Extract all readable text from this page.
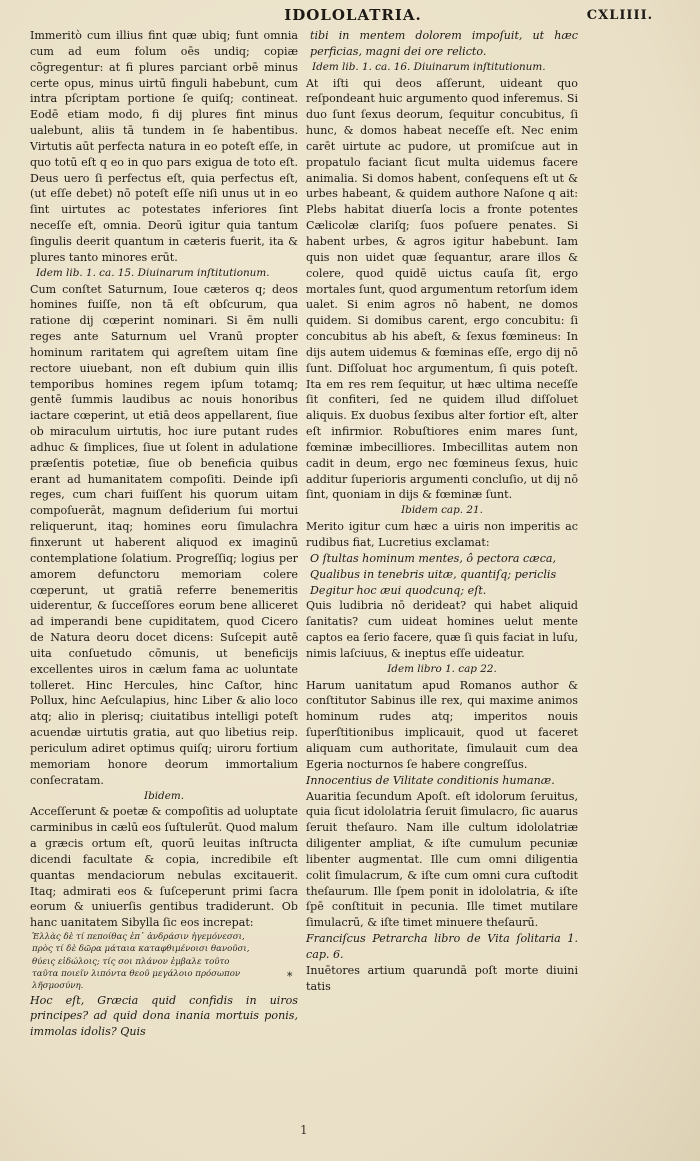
IDOLOLATRIA.	CXLIIII.

Immeritò cum illius fint quæ ubiq; funt omnia cum ad eum folum oēs undiq; copiæ cõgregentur: at fi plures parciant orbē minus certe opus, minus uirtū finguli habebunt, cum intra pſcriptam portione ſe quiſq; contineat. Eodē etiam modo, fi dij plures fint minus ualebunt, aliis tā tundem in ſe habentibus. Virtutis aūt perfecta natura in eo poteſt eſſe, in quo totū eſt q eo in quo pars exigua de toto eſt. Deus uero ſi perfectus eſt, quia perfectus eſt, (ut eſſe debet) nō poteſt eſſe niſi unus ut in eo ſint uirtutes ac potestates inferiores ſint neceſſe eſt, omnia. Deorū igitur quia tantum ſingulis deerit quantum in cæteris fuerit, ita & plures tanto minores erūt.

Idem lib. 1. ca. 15. Diuinarum inſtitutionum.

Cum conſtet Saturnum, Ioue cæteros q; deos homines fuiſſe, non tā eſt obſcurum, qua ratione dij cœperint nominari. Si ēm nulli reges ante Saturnum uel Vranū propter hominum raritatem qui agreſtem uitam ſine rectore uiuebant, non eſt dubium quin illis temporibus homines regem ipſum totamq; gentē ſummis laudibus ac nouis honoribus iactare cœperint, ut etiā deos appellarent, ſiue ob miraculum uirtutis, hoc iure putant rudes adhuc & ſimplices, ſiue ut ſolent in adulatione præſentis potetiæ, ſiue ob beneficia quibus erant ad humanitatem compoſiti. Deinde ipſi reges, cum chari fuiſſent his quorum uitam compoſuerāt, magnum deſiderium ſui mortui reliquerunt, itaq; homines eoru ſimulachra finxerunt ut haberent aliquod ex imaginū contemplatione ſolatium. Progreſſiq; logius per amorem defunctoru memoriam colere cœperunt, ut gratiā referre benemeritis uiderentur, & ſucceſſores eorum bene alliceret ad imperandi bene cupiditatem, quod Cicero de Natura deoru docet dicens: Suſcepit autē uita conſuetudo cōmunis, ut beneficijs excellentes uiros in cælum fama ac uoluntate tolleret. Hinc Hercules, hinc Caſtor, hinc Pollux, hinc Aeſculapius, hinc Liber & alio loco atq; alio in plerisq; ciuitatibus intelligi poteſt acuendæ uirtutis gratia, aut quo libetius reip. periculum adiret optimus quiſq; uiroru fortium memoriam honore deorum immortalium conſecratam.

Ibidem.

Acceſſerunt & poetæ & compoſitis ad uoluptate carminibus in cælū eos ſuſtulerūt. Quod malum a græcis ortum eſt, quorū leuitas inſtructa dicendi facultate & copia, incredibile eſt quantas mendaciorum nebulas excitauerit. Itaq; admirati eos & ſuſceperunt primi ſacra eorum & uniuerſis gentibus tradiderunt. Ob hanc uanitatem Sibylla ſic eos increpat:

Ἑλλὰς δὲ τί πεποίθας ἐπ᾽ ἀνδράσιν ἡγεμόνεσσι,

πρὸς τί δὲ δῶρα μάταια καταφθιμένοισι θανοῦσι,

θύεις εἰδώλοις; τίς σοι πλάνον ἐμβαλε τοῦτο

ταῦτα ποιεῖν λιπόντα θεοῦ μεγάλοιο πρόσωπον

λῆσμοσύνη.

Hoc eſt, Græcia quid confidis in uiros principes? ad quid dona inania mortuis ponis, immolas idolis? Quis

tibi in mentem dolorem impoſuit, ut hæc perficias, magni dei ore relicto.

Idem lib. 1. ca. 16. Diuinarum inſtitutionum.

At iſti qui deos aſſerunt, uideant quo reſpondeant huic argumento quod inferemus. Si duo ſunt ſexus deorum, ſequitur concubitus, ſi hunc, & domos habeat neceſſe eſt. Nec enim carēt uirtute ac pudore, ut promiſcue aut in propatulo faciant ſicut multa uidemus facere animalia. Si domos habent, conſequens eſt ut & urbes habeant, & quidem authore Naſone q ait: Plebs habitat diuerſa locis a fronte potentes Cælicolæ clariſq; ſuos poſuere penates. Si habent urbes, & agros igitur habebunt. Iam quis non uidet quæ ſequantur, arare illos & colere, quod quidē uictus cauſa ſit, ergo mortales ſunt, quod argumentum retorſum idem ualet. Si enim agros nō habent, ne domos quidem. Si domibus carent, ergo concubitu: ſi concubitus ab his abeſt, & ſexus fœmineus: In dijs autem uidemus & fœminas eſſe, ergo dij nō ſunt. Diſſoluat hoc argumentum, ſi quis poteſt. Ita em res rem ſequitur, ut hæc ultima neceſſe ſit confiteri, ſed ne quidem illud diſſoluet aliquis. Ex duobus ſexibus alter fortior eſt, alter eſt infirmior. Robuſtiores enim mares ſunt, fœminæ imbecilliores. Imbecillitas autem non cadit in deum, ergo nec fœmineus ſexus, huic additur ſuperioris argumenti concluſio, ut dij nō ſint, quoniam in dijs & fœminæ ſunt.

Ibidem cap. 21.

Merito igitur cum hæc a uiris non imperitis ac rudibus fiat, Lucretius exclamat:

O ſtultas hominum mentes, ô pectora cæca,

Qualibus in tenebris uitæ, quantiſq; periclis

Degitur hoc æui quodcunq; eſt.

Quis ludibria nō derideat? qui habet aliquid ſanitatis? cum uideat homines uelut mente captos ea ſerio facere, quæ ſi quis faciat in luſu, nimis laſciuus, & ineptus eſſe uideatur.

Idem libro 1. cap 22.

Harum uanitatum apud Romanos author & conſtitutor Sabinus ille rex, qui maxime animos hominum rudes atq; imperitos nouis ſuperſtitionibus implicauit, quod ut faceret aliquam cum authoritate, ſimulauit cum dea Egeria nocturnos ſe habere congreſſus.

Innocentius de Vilitate conditionis humanæ.

Auaritia ſecundum Apoſt. eſt idolorum ſeruitus, quia ſicut idololatria ſeruit ſimulacro, ſic auarus ſeruit theſauro. Nam ille cultum idololatriæ diligenter ampliat, & iſte cumulum pecuniæ libenter augmentat. Ille cum omni diligentia colit ſimulacrum, & iſte cum omni cura cuſtodit theſaurum. Ille ſpem ponit in idololatria, & iſte ſpē conſtituit in pecunia. Ille timet mutilare ſimulacrū, & iſte timet minuere theſaurū.

Franciſcus Petrarcha libro de Vita ſolitaria 1. cap. 6.

Inuētores artium quarundā poſt morte diuini tatis

*
1
